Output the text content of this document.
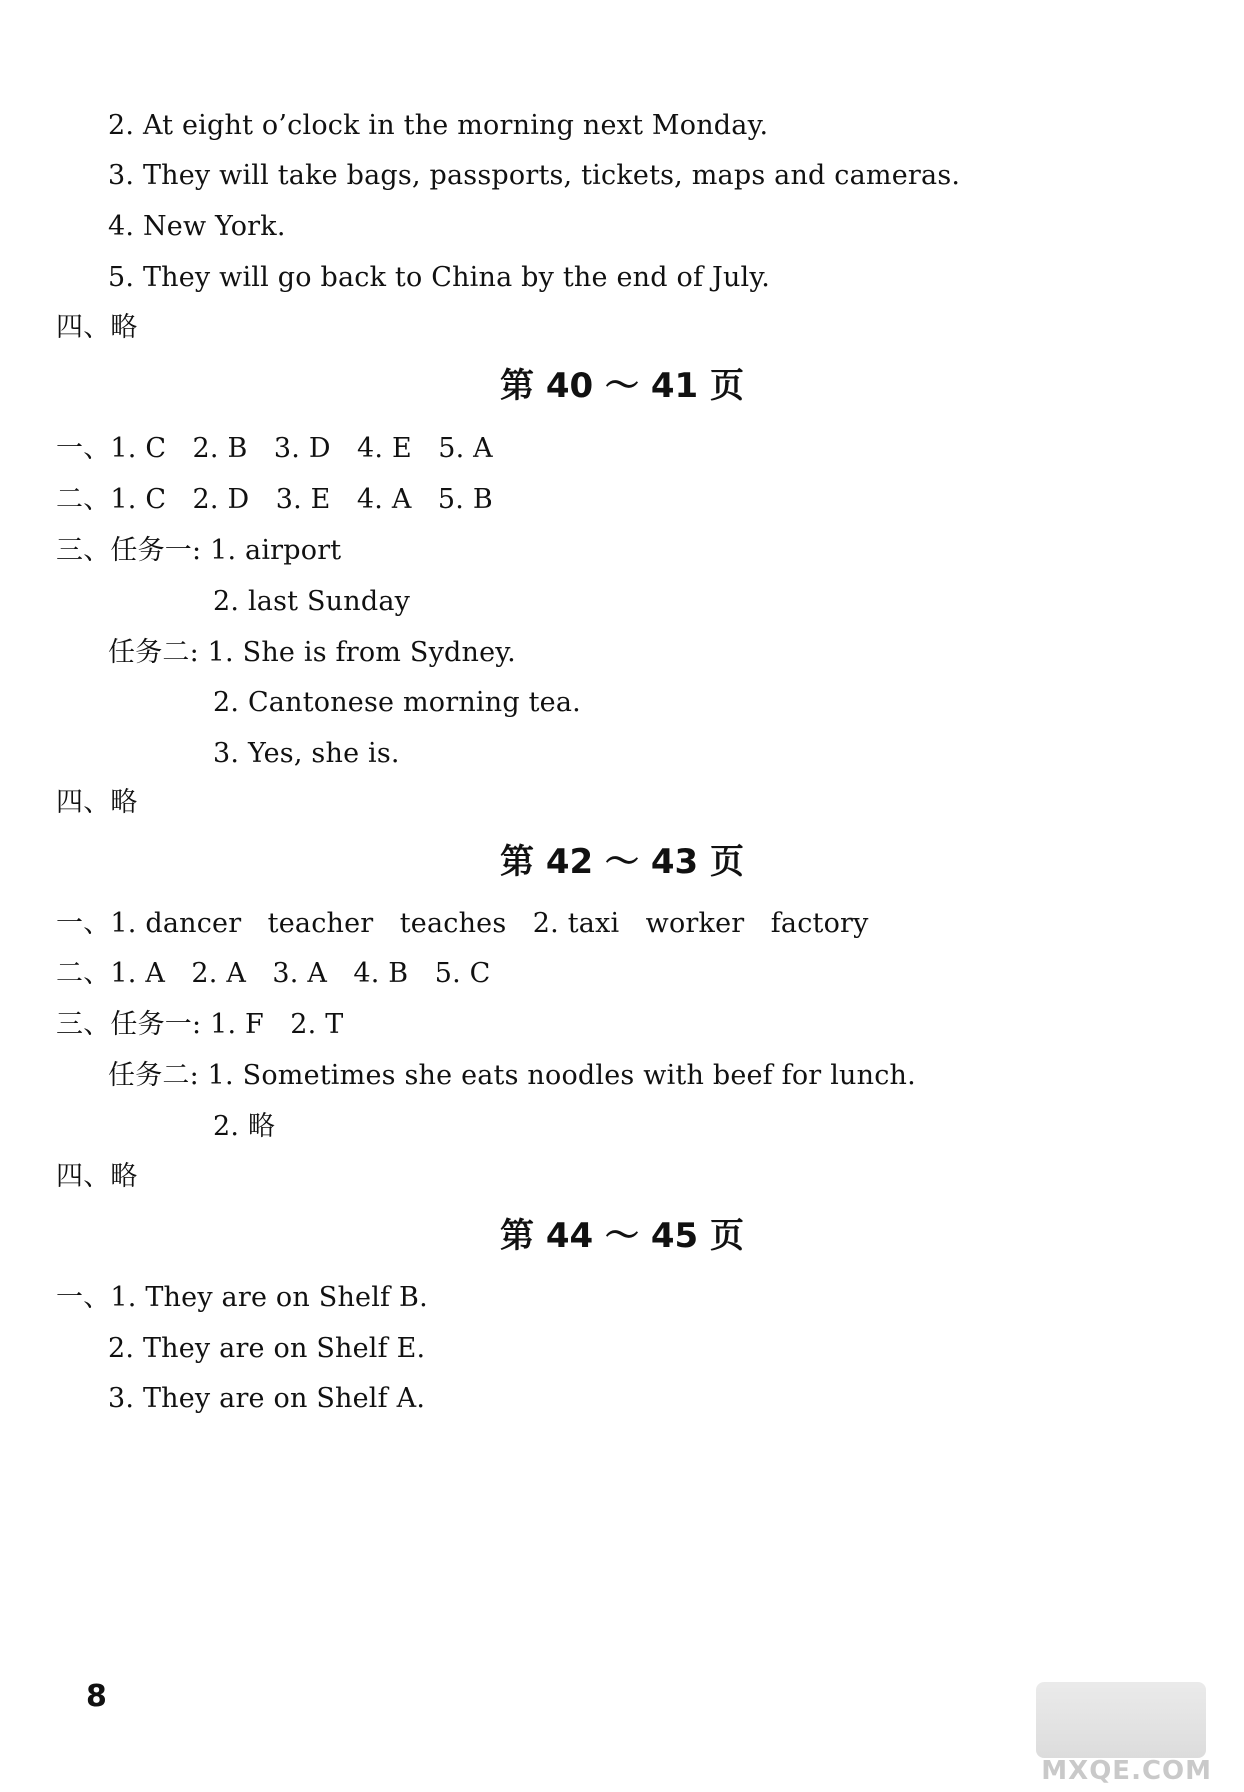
2. At eight o’clock in the morning next Monday.
3. They will take bags, passports, tickets, maps and cameras.
4. New York.
5. They will go back to China by the end of July.
四、略
第 40 ～ 41 页
一、1. C   2. B   3. D   4. E   5. A
二、1. C   2. D   3. E   4. A   5. B
三、任务一: 1. airport
2. last Sunday
任务二: 1. She is from Sydney.
2. Cantonese morning tea.
3. Yes, she is.
四、略
第 42 ～ 43 页
一、1. dancer   teacher   teaches   2. taxi   worker   factory
二、1. A   2. A   3. A   4. B   5. C
三、任务一: 1. F   2. T
任务二: 1. Sometimes she eats noodles with beef for lunch.
2. 略
四、略
第 44 ～ 45 页
一、1. They are on Shelf B.
2. They are on Shelf E.
3. They are on Shelf A.
8
MXQE.COM
